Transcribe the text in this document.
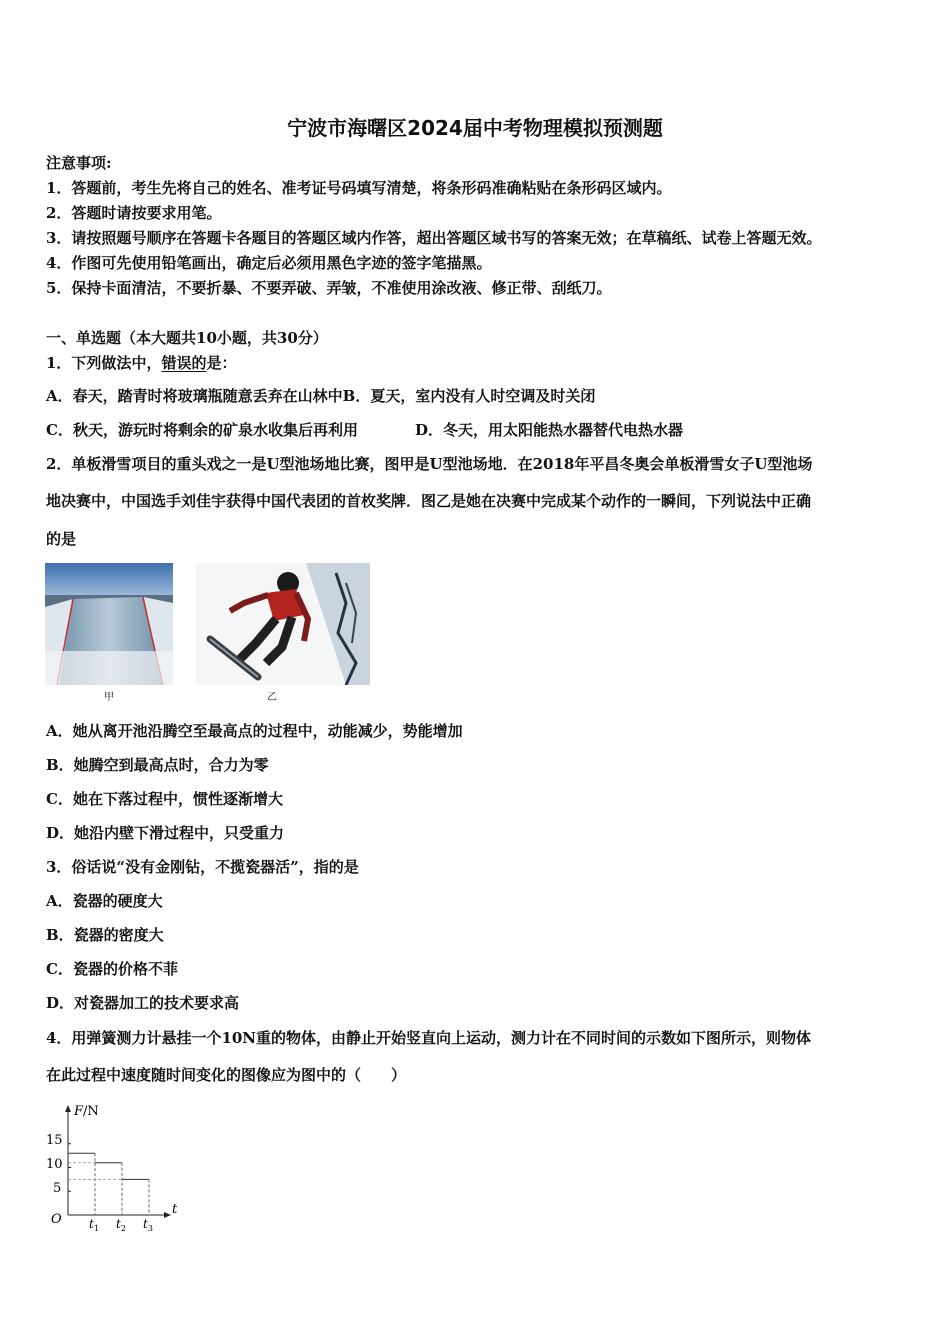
宁波市海曙区2024届中考物理模拟预测题
注意事项:
1．答题前，考生先将自己的姓名、准考证号码填写清楚，将条形码准确粘贴在条形码区域内。
2．答题时请按要求用笔。
3．请按照题号顺序在答题卡各题目的答题区域内作答，超出答题区域书写的答案无效；在草稿纸、试卷上答题无效。
4．作图可先使用铅笔画出，确定后必须用黑色字迹的签字笔描黑。
5．保持卡面清洁，不要折暴、不要弄破、弄皱，不准使用涂改液、修正带、刮纸刀。
一、单选题（本大题共10小题，共30分）
1．下列做法中，错误的是：
A．春天，踏青时将玻璃瓶随意丢弃在山林中B．夏天，室内没有人时空调及时关闭
C．秋天，游玩时将剩余的矿泉水收集后再利用	D．冬天，用太阳能热水器替代电热水器
2．单板滑雪项目的重头戏之一是U型池场地比赛，图甲是U型池场地．在2018年平昌冬奥会单板滑雪女子U型池场
地决赛中，中国选手刘佳宇获得中国代表团的首枚奖牌．图乙是她在决赛中完成某个动作的一瞬间，下列说法中正确
的是
甲	乙
A．她从离开池沿腾空至最高点的过程中，动能减少，势能增加
B．她腾空到最高点时，合力为零
C．她在下落过程中，惯性逐渐增大
D．她沿内壁下滑过程中，只受重力
3．俗话说“没有金刚钻，不揽瓷器活”，指的是
A．瓷器的硬度大
B．瓷器的密度大
C．瓷器的价格不菲
D．对瓷器加工的技术要求高
4．用弹簧测力计悬挂一个10N重的物体，由静止开始竖直向上运动，测力计在不同时间的示数如下图所示，则物体
在此过程中速度随时间变化的图像应为图中的（　　）
F/N
t
O
15
10
5
$t_1$ $t_2$ $t_3$
